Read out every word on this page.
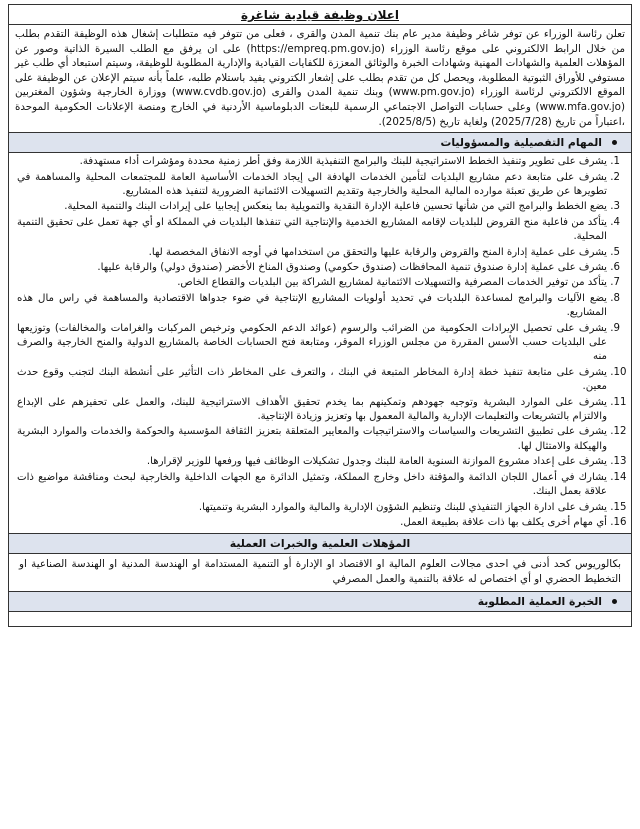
اعلان وظيفة قيادية شاغرة
تعلن رئاسة الوزراء عن توفر شاغر وظيفة مدير عام بنك تنمية المدن والقرى ، فعلى من تتوفر فيه متطلبات إشغال هذه الوظيفة التقدم بطلب من خلال الرابط الالكتروني على موقع رئاسة الوزراء (https://empreq.pm.gov.jo) على ان يرفق مع الطلب السيرة الذاتية وصور عن المؤهلات العلمية والشهادات المهنية وشهادات الخبرة والوثائق المعززة للكفايات القيادية والإدارية المطلوبة للوظيفة، وسيتم استبعاد أي طلب غير مستوفي للأوراق الثبوتية المطلوبة، ويحصل كل من تقدم بطلب على إشعار الكتروني يفيد باستلام طلبه، علماً بأنه سيتم الإعلان عن الوظيفة على الموقع الالكتروني لرئاسة الوزراء (www.pm.gov.jo) وبنك تنمية المدن والقرى (www.cvdb.gov.jo) ووزارة الخارجية وشؤون المغتربين (www.mfa.gov.jo) وعلى حسابات التواصل الاجتماعي الرسمية للبعثات الدبلوماسية الأردنية في الخارج ومنصة الإعلانات الحكومية الموحدة ،اعتباراً من تاريخ (2025/7/28) ولغاية تاريخ (2025/8/5).
المهام التفصيلية والمسؤوليات
1. يشرف على تطوير وتنفيذ الخطط الاستراتيجية للبنك والبرامج التنفيذية اللازمة وفق أطر زمنية محددة ومؤشرات أداء مستهدفة.
2. يشرف على متابعة دعم مشاريع البلديات لتأمين الخدمات الهادفة الى إيجاد الخدمات الأساسية العامة للمجتمعات المحلية والمساهمة في تطويرها عن طريق تعبئة موارده المالية المحلية والخارجية وتقديم التسهيلات الائتمانية الضرورية لتنفيذ هذه المشاريع.
3. يضع الخطط والبرامج التي من شأنها تحسين فاعلية الإدارة النقدية والتمويلية بما ينعكس إيجابيا على إيرادات البنك والتنمية المحلية.
4. يتأكد من فاعلية منح القروض للبلديات لإقامه المشاريع الخدمية والإنتاجية التي تنفذها البلديات في المملكة او أي جهة تعمل على تحقيق التنمية المحلية.
5. يشرف على عملية إدارة المنح والقروض والرقابة عليها والتحقق من استخدامها في أوجه الانفاق المخصصة لها.
6. يشرف على عملية إدارة صندوق تنمية المحافظات (صندوق حكومي) وصندوق المناخ الأخضر (صندوق دولي) والرقابة عليها.
7. يتأكد من توفير الخدمات المصرفية والتسهيلات الائتمانية لمشاريع الشراكة بين البلديات والقطاع الخاص.
8. يضع الآليات والبرامج لمساعدة البلديات في تحديد أولويات المشاريع الإنتاجية في ضوء جدواها الاقتصادية والمساهمة في راس مال هذه المشاريع.
9. يشرف على تحصيل الإيرادات الحكومية من الضرائب والرسوم (عوائد الدعم الحكومي وترخيص المركبات والغرامات والمخالفات) وتوزيعها على البلديات حسب الأسس المقررة من مجلس الوزراء الموقر، ومتابعة فتح الحسابات الخاصة بالمشاريع الدولية والمنح الخارجية والصرف منه
10. يشرف على متابعة تنفيذ خطة إدارة المخاطر المتبعة في البنك ، والتعرف على المخاطر ذات التأثير على أنشطة البنك لتجنب وقوع حدث معين.
11. يشرف على الموارد البشرية وتوجيه جهودهم وتمكينهم بما يخدم تحقيق الأهداف الاستراتيجية للبنك، والعمل على تحفيزهم على الإبداع والالتزام بالتشريعات والتعليمات الإدارية والمالية المعمول بها وتعزيز وزيادة الإنتاجية.
12. يشرف على تطبيق التشريعات والسياسات والاستراتيجيات والمعايير المتعلقة بتعزيز الثقافة المؤسسية والحوكمة والخدمات والموارد البشرية والهيكلة والامتثال لها.
13. يشرف على إعداد مشروع الموازنة السنوية العامة للبنك وجدول تشكيلات الوظائف فيها ورفعها للوزير لإقرارها.
14. يشارك في أعمال اللجان الدائمة والمؤقتة داخل وخارج المملكة، وتمثيل الدائرة مع الجهات الداخلية والخارجية لبحث ومناقشة مواضيع ذات علاقة بعمل البنك.
15. يشرف على ادارة الجهاز التنفيذي للبنك وتنظيم الشؤون الإدارية والمالية والموارد البشرية وتنميتها.
16. أي مهام أخرى يكلف بها ذات علاقة بطبيعة العمل.
المؤهلات العلمية والخبرات العملية
بكالوريوس كحد أدنى في احدى مجالات العلوم المالية او الاقتصاد او الإدارة أو التنمية المستدامة او الهندسة المدنية او الهندسة الصناعية او التخطيط الحضري او أي اختصاص له علاقة بالتنمية والعمل المصرفي
الخبرة العملية المطلوبة
